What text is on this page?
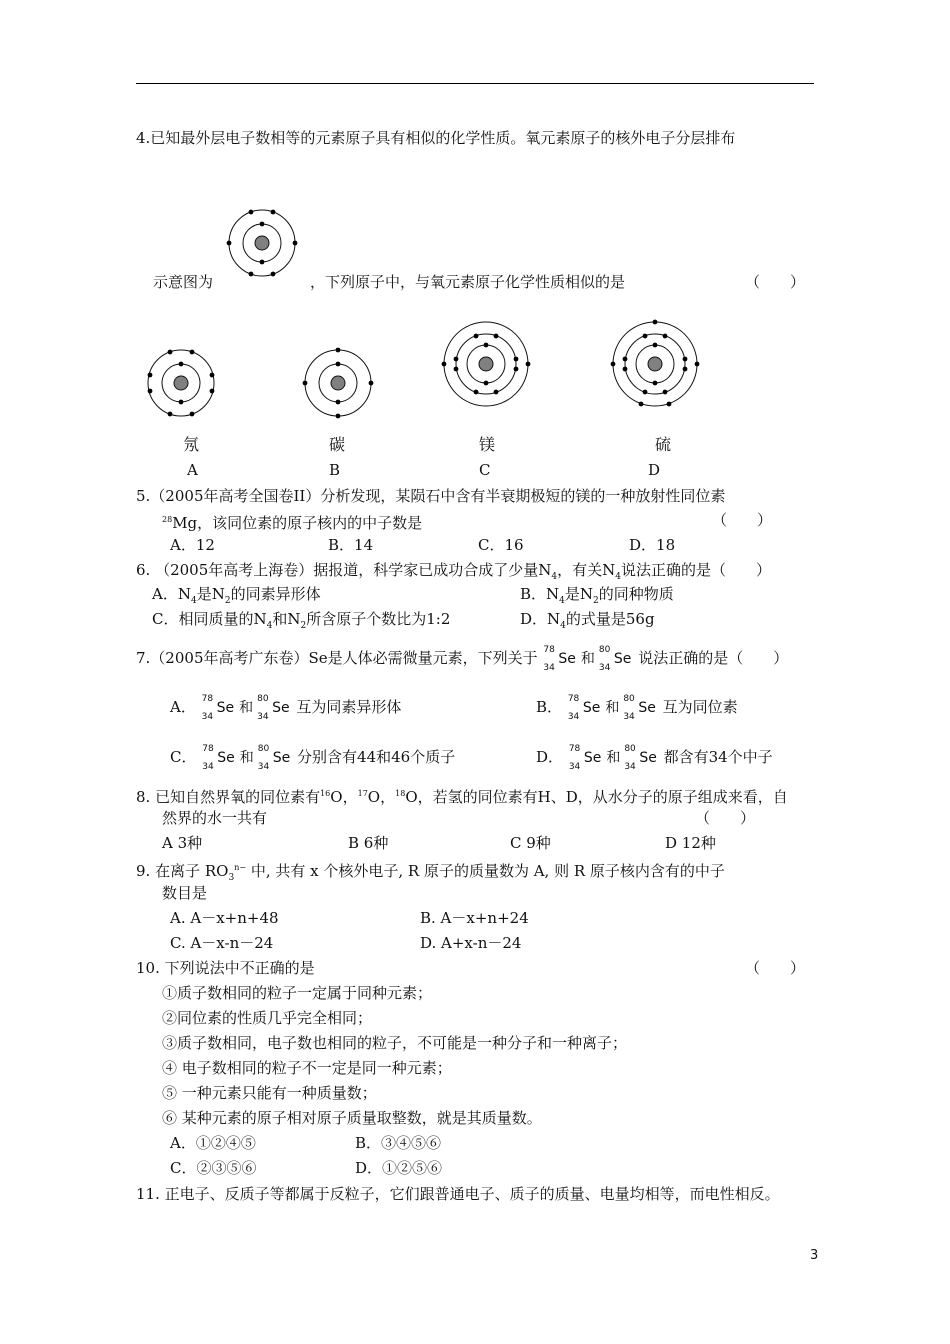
4.已知最外层电子数相等的元素原子具有相似的化学性质。氧元素原子的核外电子分层排布
示意图为	，下列原子中，与氧元素原子化学性质相似的是	（　　）
氖	碳	镁	硫
A	B	C	D
5.（2005年高考全国卷II）分析发现，某陨石中含有半衰期极短的镁的一种放射性同位素
$^{28}$Mg，该同位素的原子核内的中子数是	（　　）
A．12	B．14	C．16	D．18
6. （2005年高考上海卷）据报道，科学家已成功合成了少量$N_4$，有关$N_4$说法正确的是（　　）
A．$N_4$是$N_2$的同素异形体	B．$N_4$是$N_2$的同种物质
C．相同质量的$N_4$和$N_2$所含原子个数比为1:2	D．$N_4$的式量是56g
7.（2005年高考广东卷）Se是人体必需微量元素，下列关于 78
34
Se 和
80
34
Se 说法正确的是（　　）
A． 78
34
Se 和
80
34
Se 互为同素异形体	B． 78
34
Se 和
80
34
Se 互为同位素
C． 78
34
Se 和
80
34
Se 分别含有44和46个质子	D． 78
34
Se 和
80
34
Se 都含有34个中子
8. 已知自然界氧的同位素有$^{16}$O，$^{17}$O，$^{18}$O，若氢的同位素有H、D，从水分子的原子组成来看，自
然界的水一共有	（　　）
A 3种	B 6种	C 9种	D 12种
9. 在离子 $RO_3^{n-}$ 中, 共有 x 个核外电子, R 原子的质量数为 A, 则 R 原子核内含有的中子
数目是
A. A－x+n+48	B. A－x+n+24
C. A－x-n－24	D. A+x-n－24
10. 下列说法中不正确的是	（　　）
①质子数相同的粒子一定属于同种元素；
②同位素的性质几乎完全相同；
③质子数相同，电子数也相同的粒子，不可能是一种分子和一种离子；
④ 电子数相同的粒子不一定是同一种元素；
⑤ 一种元素只能有一种质量数；
⑥ 某种元素的原子相对原子质量取整数，就是其质量数。
A．①②④⑤	B．③④⑤⑥
C．②③⑤⑥	D．①②⑤⑥
11. 正电子、反质子等都属于反粒子，它们跟普通电子、质子的质量、电量均相等，而电性相反。
3
